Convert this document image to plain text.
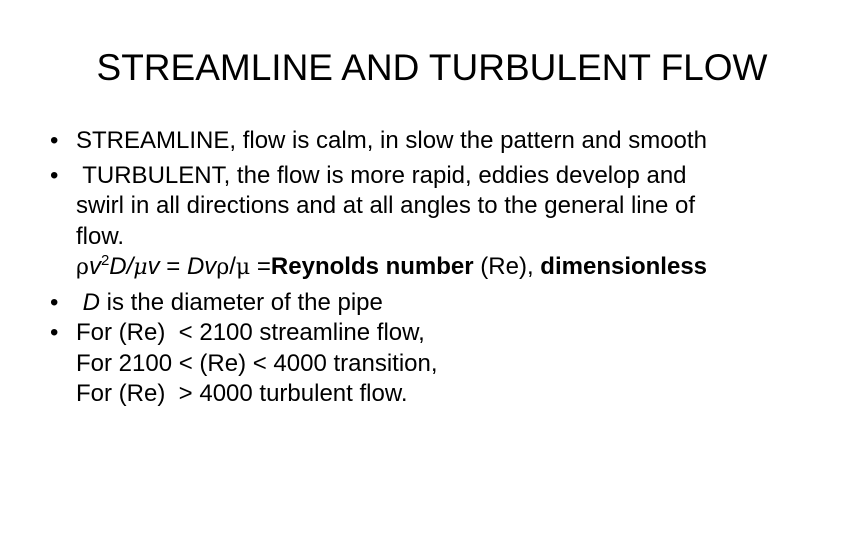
STREAMLINE AND TURBULENT FLOW
• STREAMLINE, flow is calm, in slow the pattern and smooth
• TURBULENT, the flow is more rapid, eddies develop and
swirl in all directions and at all angles to the general line of
flow.
$\rho v^2D/\mu v = Dv\rho/\mu$ =Reynolds number (Re), dimensionless
• D is the diameter of the pipe
• For (Re)  < 2100 streamline flow,
For 2100 < (Re) < 4000 transition,
For (Re)  > 4000 turbulent flow.
